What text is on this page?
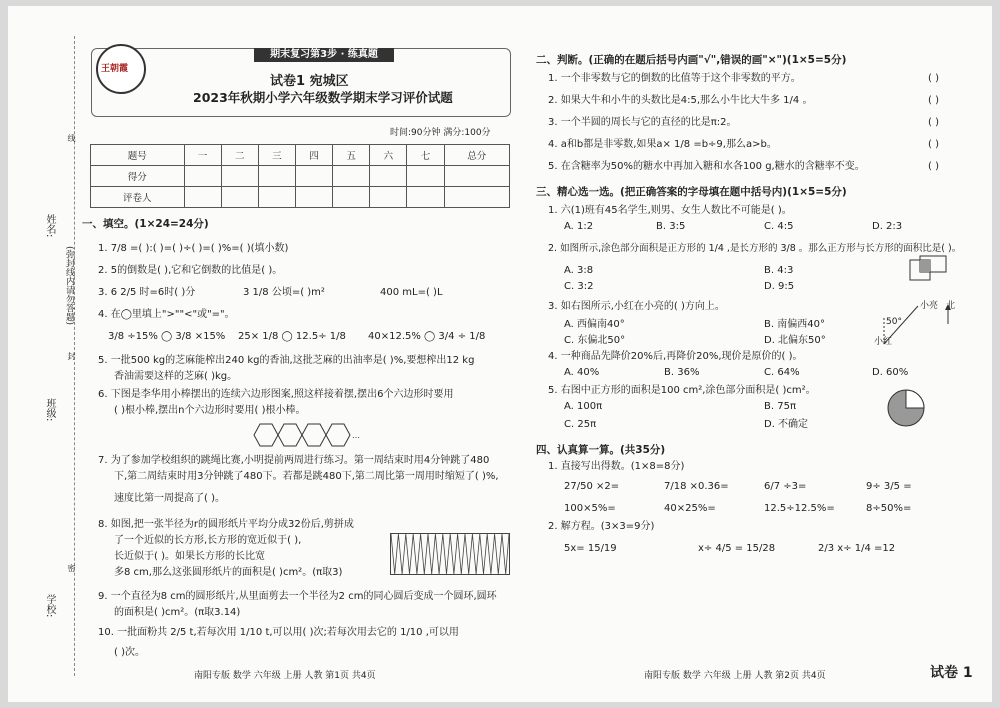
姓名:
班级:
学校:
(弥封线内请勿答题)
线
封
密
王朝霞
期末复习第3步 · 练真题
试卷1 宛城区
2023年秋期小学六年级数学期末学习评价试题
时间:90分钟 满分:100分
题号	一	二	三	四	五	六	七	总分
得分								
评卷人								
一、填空。(1×24=24分)
1. 7/8 =( ):( )=( )÷( )=( )%=( )(填小数)
2. 5的倒数是( ),它和它倒数的比值是( )。
3. 6 2/5 时=6时( )分	3 1/8 公顷=( )m²	400 mL=( )L
4. 在◯里填上">""<"或"="。
3/8 ÷15% ◯ 3/8 ×15% 25× 1/8 ◯ 12.5÷ 1/8 40×12.5% ◯ 3/4 ÷ 1/8
5. 一批500 kg的芝麻能榨出240 kg的香油,这批芝麻的出油率是( )%,要想榨出12 kg
香油需要这样的芝麻( )kg。
6. 下图是李华用小棒摆出的连续六边形图案,照这样接着摆,摆出6个六边形时要用
( )根小棒,摆出n个六边形时要用( )根小棒。
…
7. 为了参加学校组织的跳绳比赛,小明提前两周进行练习。第一周结束时用4分钟跳了480
下,第二周结束时用3分钟跳了480下。若都是跳480下,第二周比第一周用时缩短了( )%,
速度比第一周提高了( )。
8. 如图,把一张半径为r的圆形纸片平均分成32份后,剪拼成
了一个近似的长方形,长方形的宽近似于( ),
长近似于( )。如果长方形的长比宽
多8 cm,那么这张圆形纸片的面积是( )cm²。(π取3)
9. 一个直径为8 cm的圆形纸片,从里面剪去一个半径为2 cm的同心圆后变成一个圆环,圆环
的面积是( )cm²。(π取3.14)
10. 一批面粉共 2/5 t,若每次用 1/10 t,可以用( )次;若每次用去它的 1/10 ,可以用
( )次。
二、判断。(正确的在题后括号内画"√",错误的画"×")(1×5=5分)
1. 一个非零数与它的倒数的比值等于这个非零数的平方。
2. 如果大牛和小牛的头数比是4:5,那么小牛比大牛多 1/4 。
3. 一个半圆的周长与它的直径的比是π:2。
4. a和b都是非零数,如果a× 1/8 =b÷9,那么a>b。
5. 在含糖率为50%的糖水中再加入糖和水各100 g,糖水的含糖率不变。
( )
( )
( )
( )
( )
三、精心选一选。(把正确答案的字母填在题中括号内)(1×5=5分)
1. 六(1)班有45名学生,则男、女生人数比不可能是( )。
A. 1:2	B. 3:5	C. 4:5	D. 2:3
2. 如图所示,涂色部分面积是正方形的 1/4 ,是长方形的 3/8 。那么正方形与长方形的面积比是( )。
A. 3:8	B. 4:3
C. 3:2	D. 9:5
3. 如右图所示,小红在小亮的( )方向上。
A. 西偏南40°	B. 南偏西40°
C. 东偏北50°	D. 北偏东50°
小亮 北
50°
小红
4. 一种商品先降价20%后,再降价20%,现价是原价的( )。
A. 40%	B. 36%	C. 64%	D. 60%
5. 右图中正方形的面积是100 cm²,涂色部分面积是( )cm²。
A. 100π	B. 75π
C. 25π	D. 不确定
四、认真算一算。(共35分)
1. 直接写出得数。(1×8=8分)
27/50 ×2=	7/18 ×0.36=	6/7 ÷3=	9÷ 3/5 =
100×5%=	40×25%=	12.5÷12.5%=	8÷50%=
2. 解方程。(3×3=9分)
5x= 15/19	x÷ 4/5 = 15/28	2/3 x÷ 1/4 =12
南阳专版 数学 六年级 上册 人教 第1页 共4页	南阳专版 数学 六年级 上册 人教 第2页 共4页	试卷 1
